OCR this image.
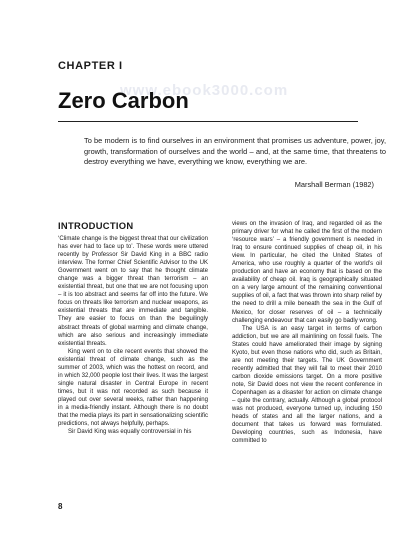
www.ebook3000.com
CHAPTER I
Zero Carbon
To be modern is to find ourselves in an environment that promises us adventure, power, joy, growth, transformation of ourselves and the world – and, at the same time, that threatens to destroy everything we have, everything we know, everything we are.
Marshall Berman (1982)
INTRODUCTION

‘Climate change is the biggest threat that our civilization has ever had to face up to’. These words were uttered recently by Professor Sir David King in a BBC radio interview. The former Chief Scientific Advisor to the UK Government went on to say that he thought climate change was a bigger threat than terrorism – an existential threat, but one that we are not focusing upon – it is too abstract and seems far off into the future. We focus on threats like terrorism and nuclear weapons, as existential threats that are immediate and tangible. They are easier to focus on than the beguilingly abstract threats of global warming and climate change, which are also serious and increasingly immediate existential threats.

King went on to cite recent events that showed the existential threat of climate change, such as the summer of 2003, which was the hottest on record, and in which 32,000 people lost their lives. It was the largest single natural disaster in Central Europe in recent times, but it was not recorded as such because it played out over several weeks, rather than happening in a media-friendly instant. Although there is no doubt that the media plays its part in sensationalizing scientific predictions, not always helpfully, perhaps.

Sir David King was equally controversial in his

views on the invasion of Iraq, and regarded oil as the primary driver for what he called the first of the modern ‘resource wars’ – a friendly government is needed in Iraq to ensure continued supplies of cheap oil, in his view. In particular, he cited the United States of America, who use roughly a quarter of the world’s oil production and have an economy that is based on the availability of cheap oil. Iraq is geographically situated on a very large amount of the remaining conventional supplies of oil, a fact that was thrown into sharp relief by the need to drill a mile beneath the sea in the Gulf of Mexico, for closer reserves of oil – a technically challenging endeavour that can easily go badly wrong.

The USA is an easy target in terms of carbon addiction, but we are all mainlining on fossil fuels. The States could have ameliorated their image by signing Kyoto, but even those nations who did, such as Britain, are not meeting their targets. The UK Government recently admitted that they will fail to meet their 2010 carbon dioxide emissions target. On a more positive note, Sir David does not view the recent conference in Copenhagen as a disaster for action on climate change – quite the contrary, actually. Although a global protocol was not produced, everyone turned up, including 150 heads of states and all the larger nations, and a document that takes us forward was formulated. Developing countries, such as Indonesia, have committed to

8
